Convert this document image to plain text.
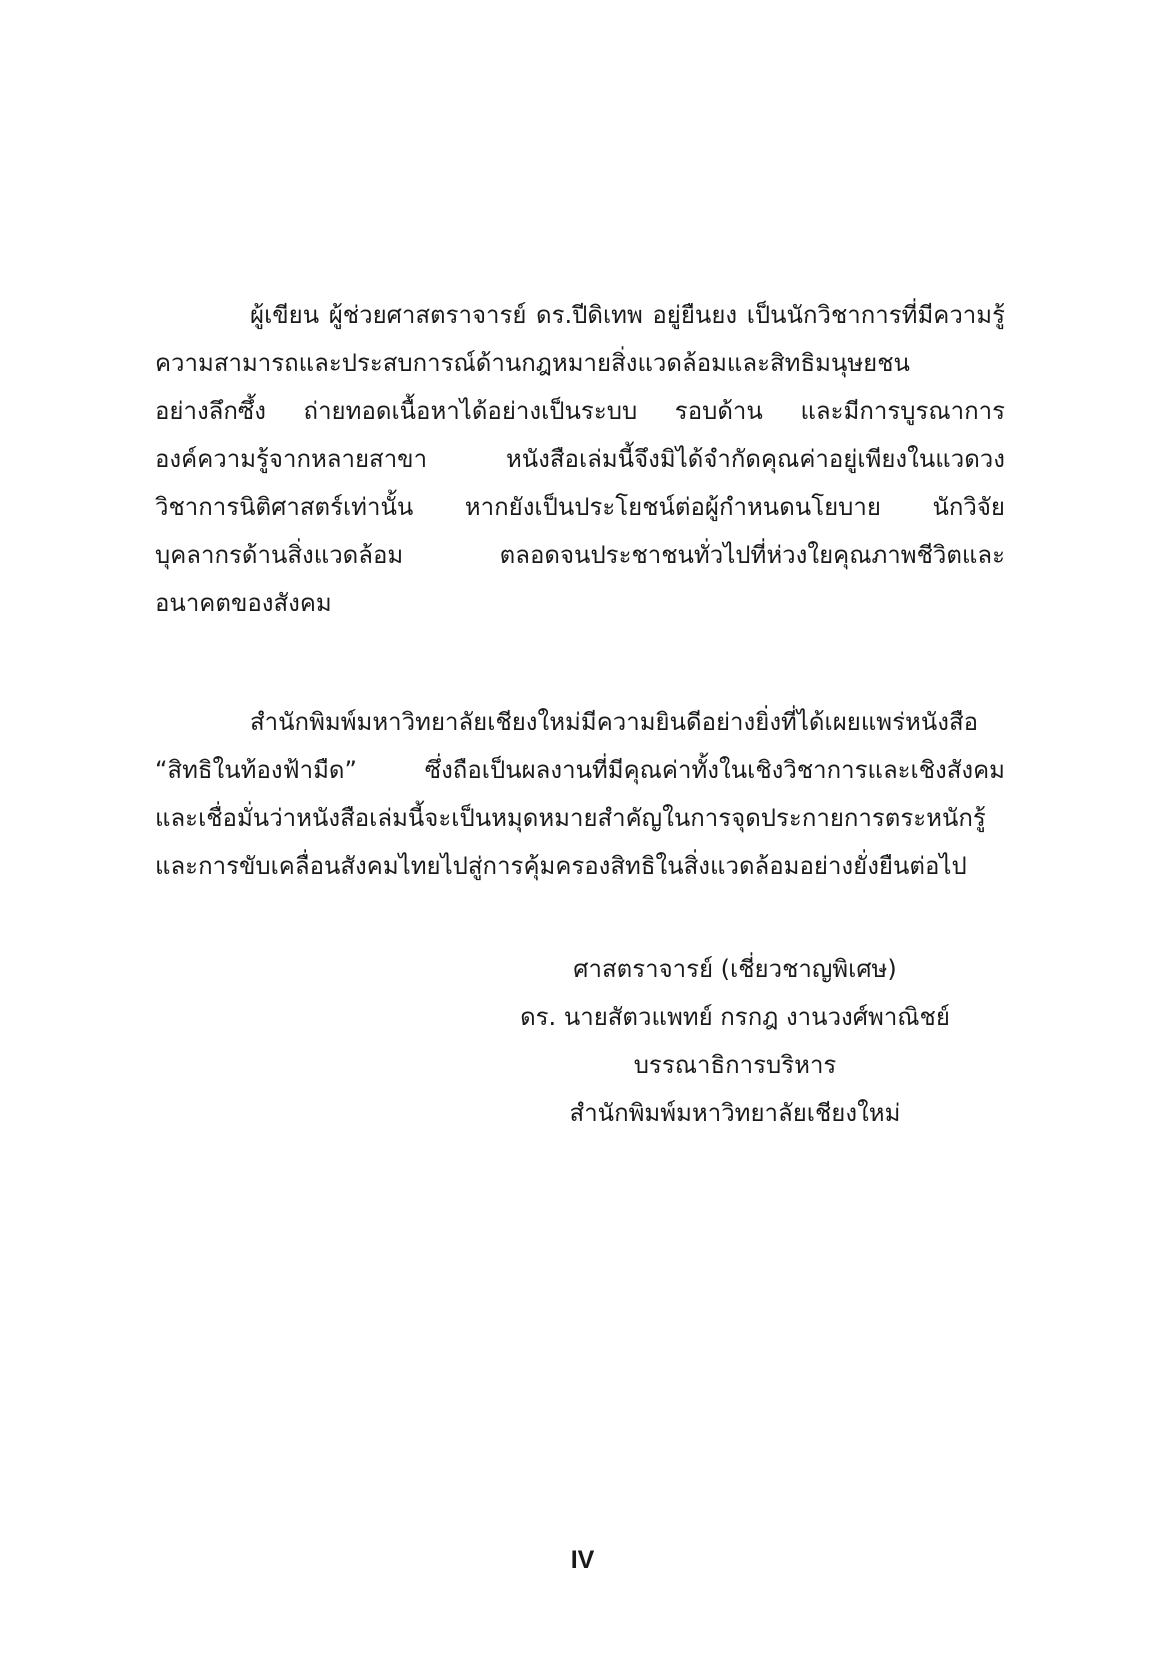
ผู้เขียน ผู้ช่วยศาสตราจารย์ ดร.ปีดิเทพ อยู่ยืนยง เป็นนักวิชาการที่มีความรู้
ความสามารถและประสบการณ์ด้านกฎหมายสิ่งแวดล้อมและสิทธิมนุษยชน
อย่างลึกซึ้ง ถ่ายทอดเนื้อหาได้อย่างเป็นระบบ รอบด้าน และมีการบูรณาการ
องค์ความรู้จากหลายสาขา หนังสือเล่มนี้จึงมิได้จำกัดคุณค่าอยู่เพียงในแวดวง
วิชาการนิติศาสตร์เท่านั้น หากยังเป็นประโยชน์ต่อผู้กำหนดนโยบาย นักวิจัย
บุคลากรด้านสิ่งแวดล้อม ตลอดจนประชาชนทั่วไปที่ห่วงใยคุณภาพชีวิตและ
อนาคตของสังคม
สำนักพิมพ์มหาวิทยาลัยเชียงใหม่มีความยินดีอย่างยิ่งที่ได้เผยแพร่หนังสือ
“สิทธิในท้องฟ้ามืด” ซึ่งถือเป็นผลงานที่มีคุณค่าทั้งในเชิงวิชาการและเชิงสังคม
และเชื่อมั่นว่าหนังสือเล่มนี้จะเป็นหมุดหมายสำคัญในการจุดประกายการตระหนักรู้
และการขับเคลื่อนสังคมไทยไปสู่การคุ้มครองสิทธิในสิ่งแวดล้อมอย่างยั่งยืนต่อไป
ศาสตราจารย์ (เชี่ยวชาญพิเศษ)
ดร. นายสัตวแพทย์ กรกฎ งานวงศ์พาณิชย์
บรรณาธิการบริหาร
สำนักพิมพ์มหาวิทยาลัยเชียงใหม่
IV
